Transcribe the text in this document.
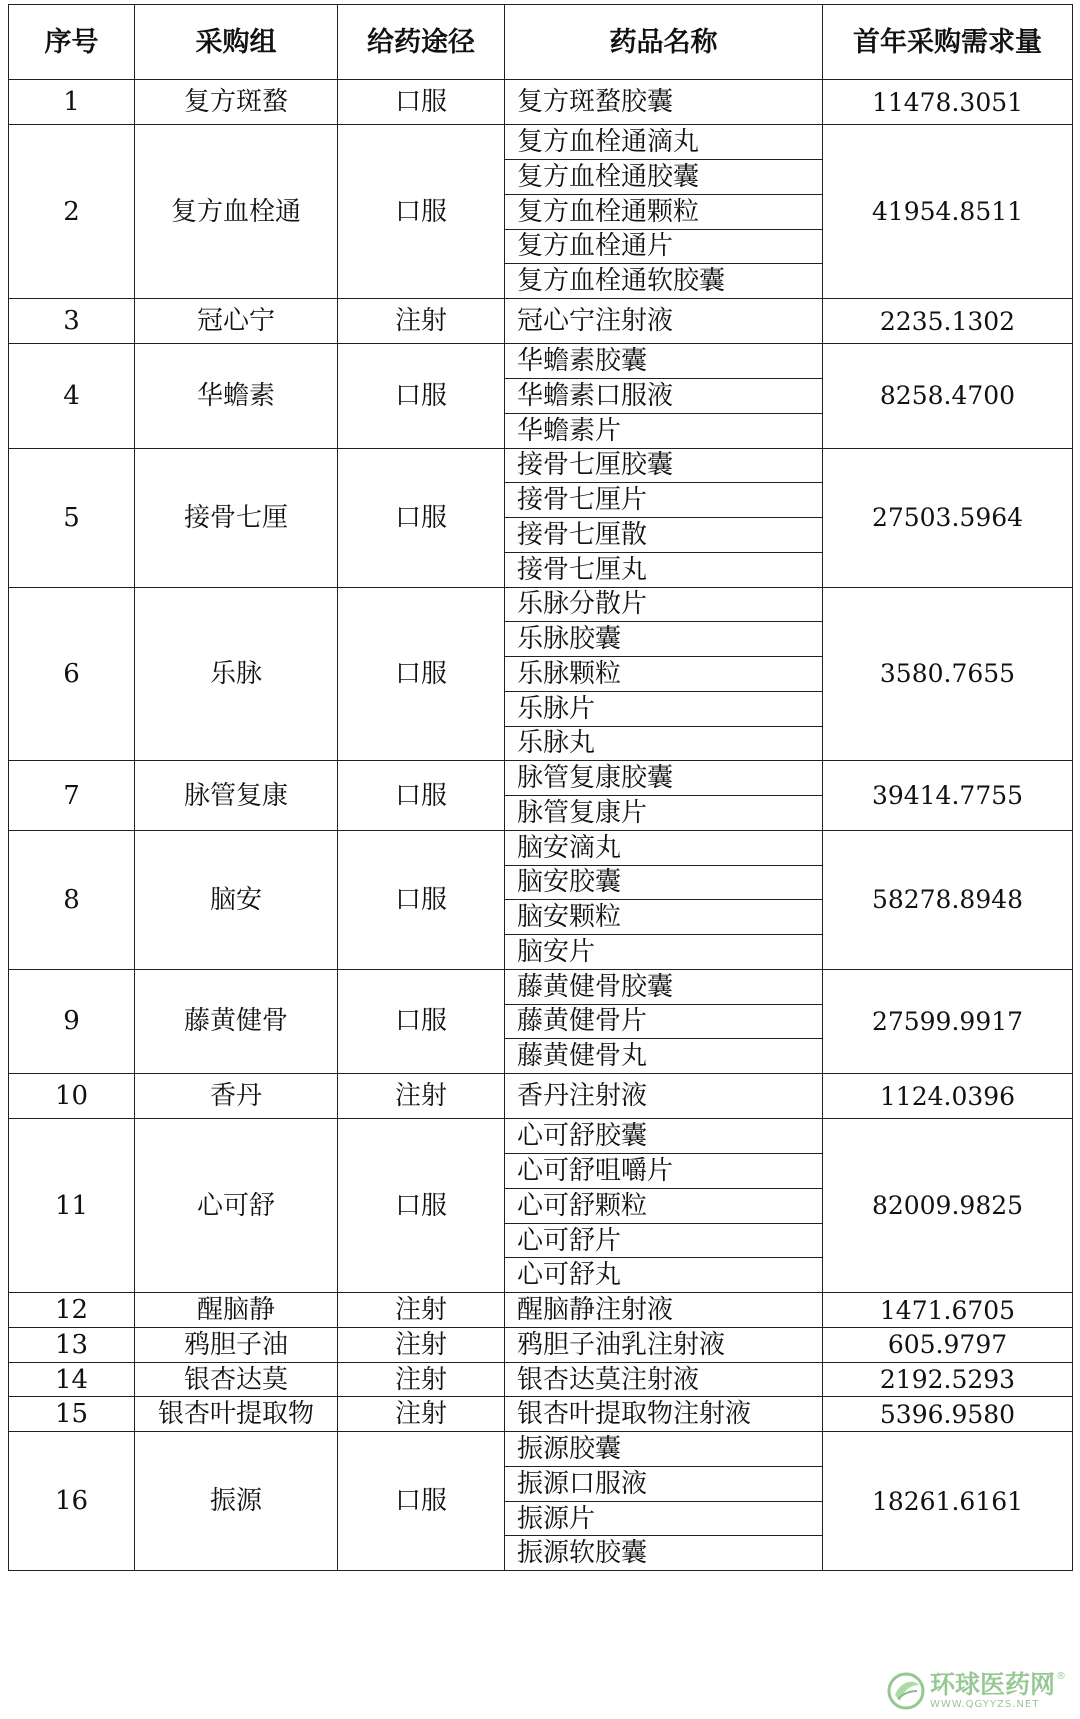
序号	采购组	给药途径	药品名称	首年采购需求量
1	复方斑蝥	口服	复方斑蝥胶囊	11478.3051
2	复方血栓通	口服	复方血栓通滴丸	41954.8511
			复方血栓通胶囊	
			复方血栓通颗粒	
			复方血栓通片	
			复方血栓通软胶囊	
3	冠心宁	注射	冠心宁注射液	2235.1302
4	华蟾素	口服	华蟾素胶囊	8258.4700
			华蟾素口服液	
			华蟾素片	
5	接骨七厘	口服	接骨七厘胶囊	27503.5964
			接骨七厘片	
			接骨七厘散	
			接骨七厘丸	
6	乐脉	口服	乐脉分散片	3580.7655
			乐脉胶囊	
			乐脉颗粒	
			乐脉片	
			乐脉丸	
7	脉管复康	口服	脉管复康胶囊	39414.7755
			脉管复康片	
8	脑安	口服	脑安滴丸	58278.8948
			脑安胶囊	
			脑安颗粒	
			脑安片	
9	藤黄健骨	口服	藤黄健骨胶囊	27599.9917
			藤黄健骨片	
			藤黄健骨丸	
10	香丹	注射	香丹注射液	1124.0396
11	心可舒	口服	心可舒胶囊	82009.9825
			心可舒咀嚼片	
			心可舒颗粒	
			心可舒片	
			心可舒丸	
12	醒脑静	注射	醒脑静注射液	1471.6705
13	鸦胆子油	注射	鸦胆子油乳注射液	605.9797
14	银杏达莫	注射	银杏达莫注射液	2192.5293
15	银杏叶提取物	注射	银杏叶提取物注射液	5396.9580
16	振源	口服	振源胶囊	18261.6161
			振源口服液	
			振源片	
			振源软胶囊	
环球医药网
WWW.QGYYZS.NET
®
